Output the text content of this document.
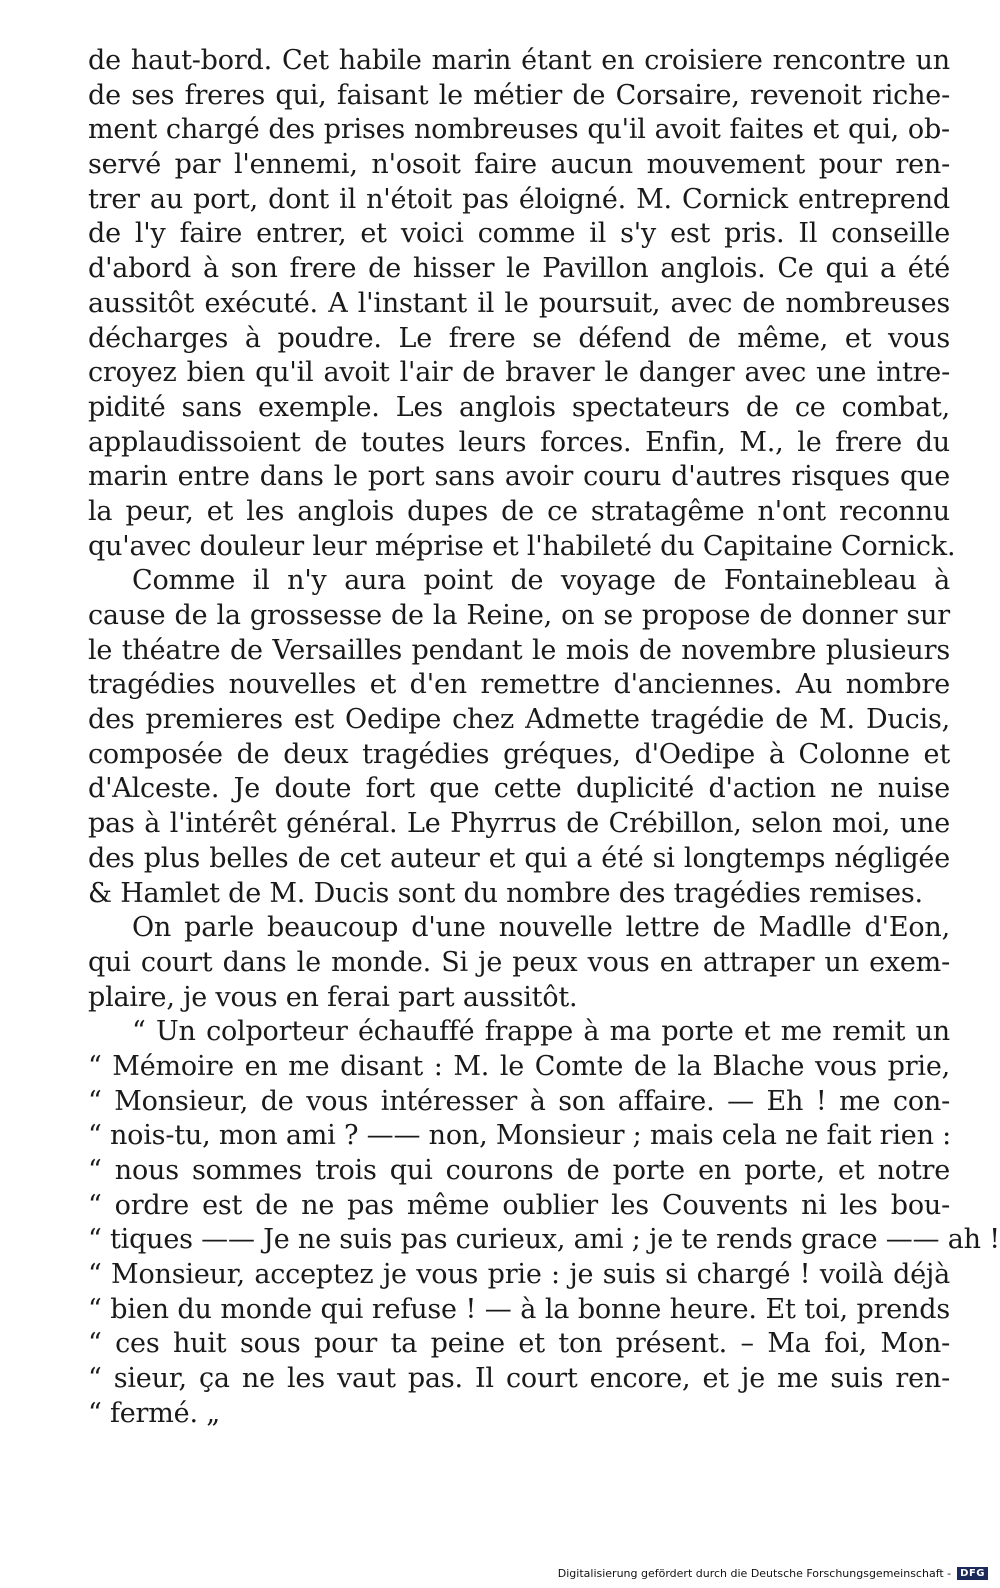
de haut-bord. Cet habile marin étant en croisiere rencontre un
de ses freres qui, faisant le métier de Corsaire, revenoit riche-
ment chargé des prises nombreuses qu'il avoit faites et qui, ob-
servé par l'ennemi, n'osoit faire aucun mouvement pour ren-
trer au port, dont il n'étoit pas éloigné. M. Cornick entreprend
de l'y faire entrer, et voici comme il s'y est pris. Il conseille
d'abord à son frere de hisser le Pavillon anglois. Ce qui a été
aussitôt exécuté. A l'instant il le poursuit, avec de nombreuses
décharges à poudre. Le frere se défend de même, et vous
croyez bien qu'il avoit l'air de braver le danger avec une intre-
pidité sans exemple. Les anglois spectateurs de ce combat,
applaudissoient de toutes leurs forces. Enfin, M., le frere du
marin entre dans le port sans avoir couru d'autres risques que
la peur, et les anglois dupes de ce stratagême n'ont reconnu
qu'avec douleur leur méprise et l'habileté du Capitaine Cornick.
Comme il n'y aura point de voyage de Fontainebleau à
cause de la grossesse de la Reine, on se propose de donner sur
le théatre de Versailles pendant le mois de novembre plusieurs
tragédies nouvelles et d'en remettre d'anciennes. Au nombre
des premieres est Oedipe chez Admette tragédie de M. Ducis,
composée de deux tragédies gréques, d'Oedipe à Colonne et
d'Alceste. Je doute fort que cette duplicité d'action ne nuise
pas à l'intérêt général. Le Phyrrus de Crébillon, selon moi, une
des plus belles de cet auteur et qui a été si longtemps négligée
& Hamlet de M. Ducis sont du nombre des tragédies remises.
On parle beaucoup d'une nouvelle lettre de Madlle d'Eon,
qui court dans le monde. Si je peux vous en attraper un exem-
plaire, je vous en ferai part aussitôt.
“ Un colporteur échauffé frappe à ma porte et me remit un
“ Mémoire en me disant : M. le Comte de la Blache vous prie,
“ Monsieur, de vous intéresser à son affaire. — Eh ! me con-
“ nois-tu, mon ami ? —— non, Monsieur ; mais cela ne fait rien :
“ nous sommes trois qui courons de porte en porte, et notre
“ ordre est de ne pas même oublier les Couvents ni les bou-
“ tiques —— Je ne suis pas curieux, ami ; je te rends grace —— ah !
“ Monsieur, acceptez je vous prie : je suis si chargé ! voilà déjà
“ bien du monde qui refuse ! — à la bonne heure. Et toi, prends
“ ces huit sous pour ta peine et ton présent. – Ma foi, Mon-
“ sieur, ça ne les vaut pas. Il court encore, et je me suis ren-
“ fermé. „
Digitalisierung gefördert durch die Deutsche Forschungsgemeinschaft - DFG
